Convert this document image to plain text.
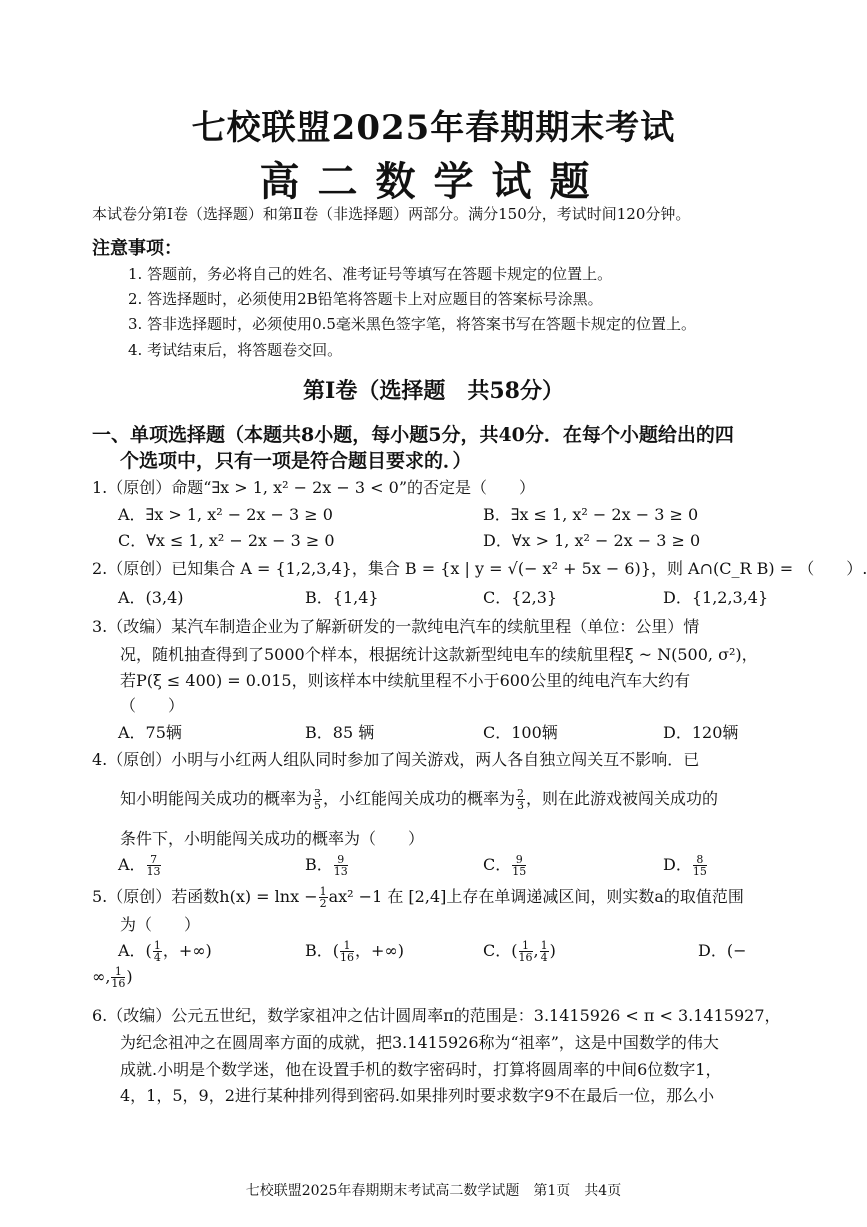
七校联盟2025年春期期末考试
高二数学试题
本试卷分第Ⅰ卷（选择题）和第Ⅱ卷（非选择题）两部分。满分150分，考试时间120分钟。
注意事项：
1. 答题前，务必将自己的姓名、准考证号等填写在答题卡规定的位置上。
2. 答选择题时，必须使用2B铅笔将答题卡上对应题目的答案标号涂黑。
3. 答非选择题时，必须使用0.5毫米黑色签字笔，将答案书写在答题卡规定的位置上。
4. 考试结束后，将答题卷交回。
第Ⅰ卷（选择题　共58分）
一、单项选择题（本题共8小题，每小题5分，共40分．在每个小题给出的四
个选项中，只有一项是符合题目要求的．）
1.（原创）命题“∃x > 1, x² − 2x − 3 < 0”的否定是（　　）
A．∃x > 1, x² − 2x − 3 ≥ 0	B．∃x ≤ 1, x² − 2x − 3 ≥ 0
C．∀x ≤ 1, x² − 2x − 3 ≥ 0	D．∀x > 1, x² − 2x − 3 ≥ 0
2.（原创）已知集合 A = {1,2,3,4}，集合 B = {x | y = √(− x² + 5x − 6)}，则 A∩(C_R B) = （　　）.
A．(3,4)	B．{1,4}	C．{2,3}	D．{1,2,3,4}
3.（改编）某汽车制造企业为了解新研发的一款纯电汽车的续航里程（单位：公里）情
况，随机抽查得到了5000个样本，根据统计这款新型纯电车的续航里程ξ ~ N(500, σ²)，
若P(ξ ≤ 400) = 0.015，则该样本中续航里程不小于600公里的纯电汽车大约有
（　　）
A．75辆	B．85 辆	C．100辆	D．120辆
4.（原创）小明与小红两人组队同时参加了闯关游戏，两人各自独立闯关互不影响．已
知小明能闯关成功的概率为 $\frac{3}{5}$ ，小红能闯关成功的概率为 $\frac{2}{3}$ ，则在此游戏被闯关成功的
条件下，小明能闯关成功的概率为（　　）
A． $\frac{7}{13}$	B． $\frac{9}{13}$	C． $\frac{9}{15}$	D． $\frac{8}{15}$
5.（原创）若函数$h(x) = \ln x - \frac{1}{2} ax^2 -1$ 在 [2,4]上存在单调递减区间，则实数a的取值范围
为（　　）
A．( $\frac{1}{4}$ ，+∞)	B．( $\frac{1}{16}$ ，+∞)	C．( $\frac{1}{16}$ , $\frac{1}{4}$ )	D．(−
∞, $\frac{1}{16}$ )
6.（改编）公元五世纪，数学家祖冲之估计圆周率π的范围是：3.1415926 < π < 3.1415927，
为纪念祖冲之在圆周率方面的成就，把3.1415926称为“祖率”，这是中国数学的伟大
成就.小明是个数学迷，他在设置手机的数字密码时，打算将圆周率的中间6位数字1，
4，1，5，9，2进行某种排列得到密码.如果排列时要求数字9不在最后一位，那么小
七校联盟2025年春期期末考试高二数学试题　第1页　共4页
